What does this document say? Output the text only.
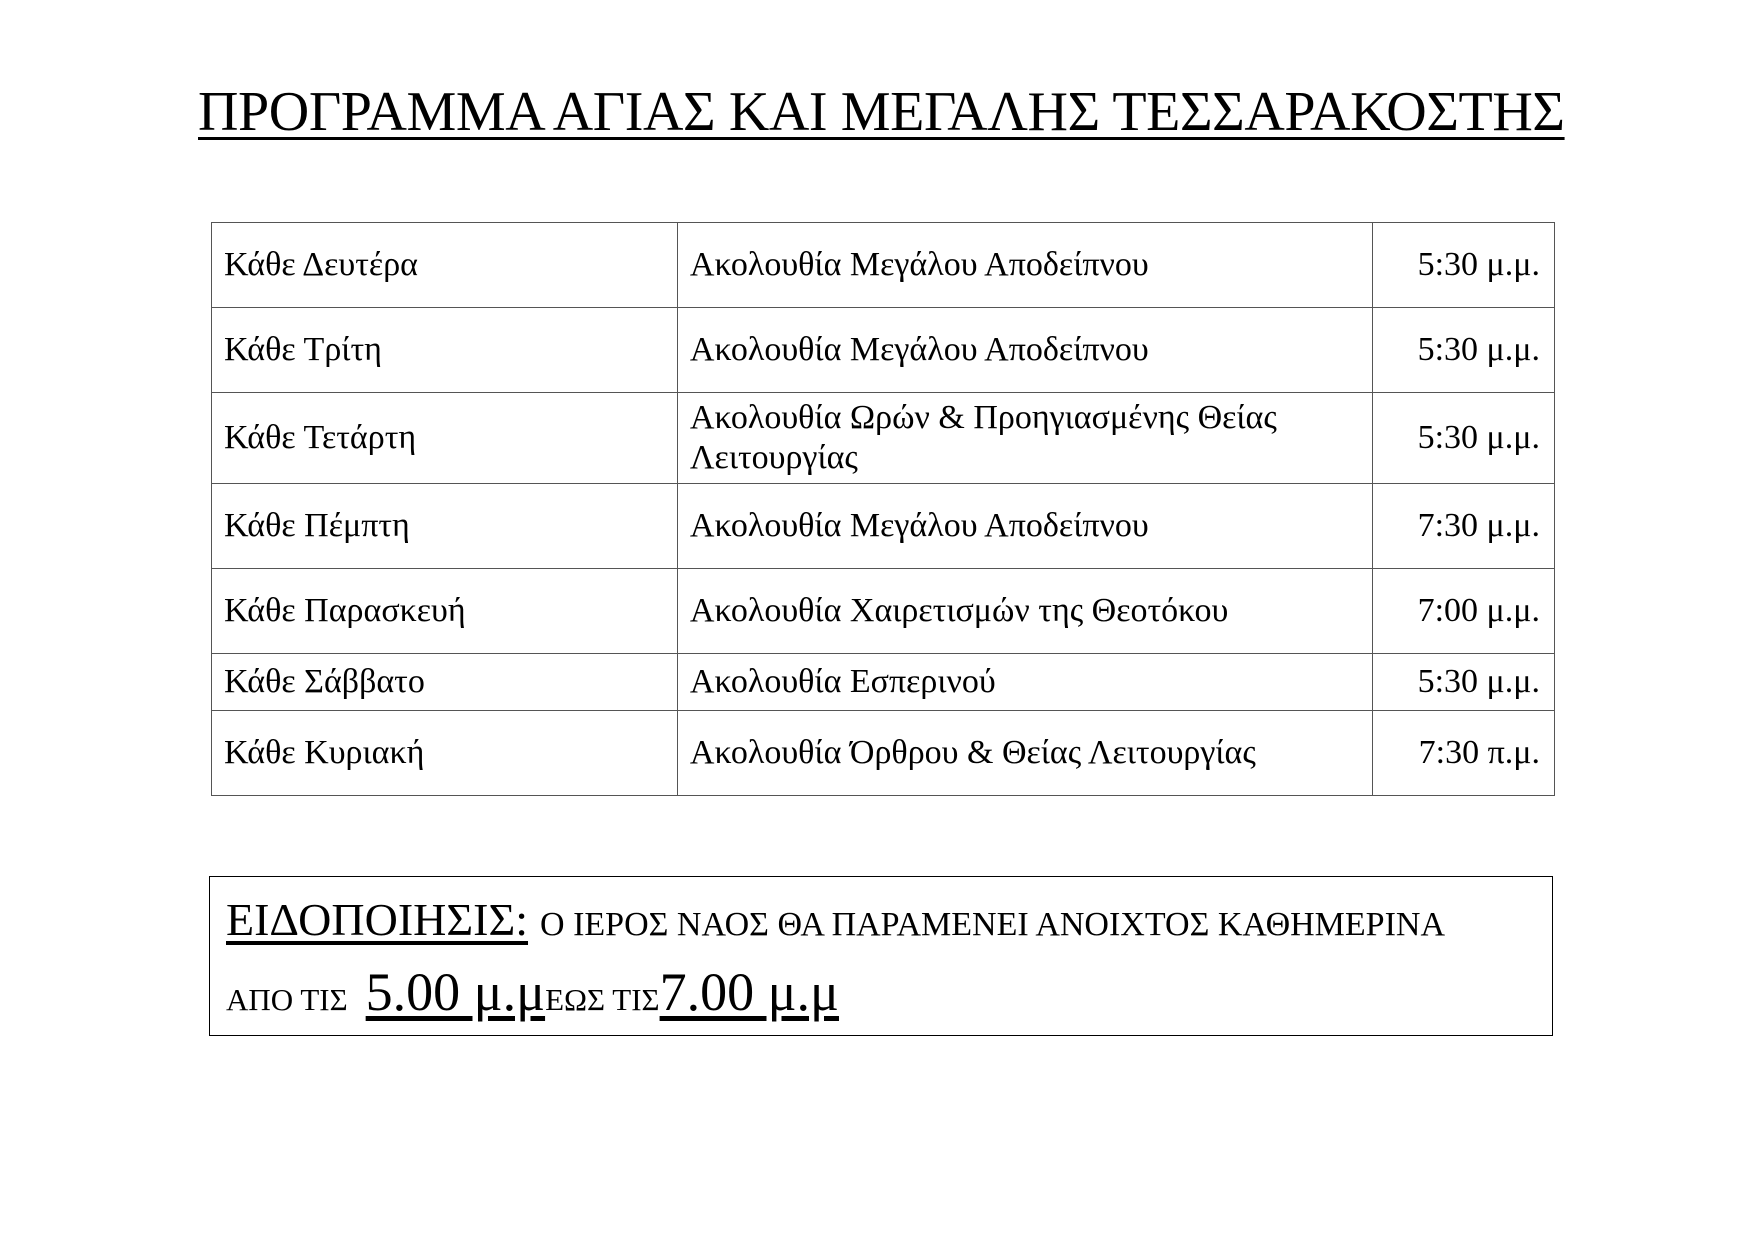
ΠΡΟΓΡΑΜΜΑ ΑΓΙΑΣ ΚΑΙ ΜΕΓΑΛΗΣ ΤΕΣΣΑΡΑΚΟΣΤΗΣ
Κάθε Δευτέρα	Ακολουθία Μεγάλου Αποδείπνου	5:30 μ.μ.
Κάθε Τρίτη	Ακολουθία Μεγάλου Αποδείπνου	5:30 μ.μ.
Κάθε Τετάρτη	Ακολουθία Ωρών & Προηγιασμένης Θείας Λειτουργίας	5:30 μ.μ.
Κάθε Πέμπτη	Ακολουθία Μεγάλου Αποδείπνου	7:30 μ.μ.
Κάθε Παρασκευή	Ακολουθία Χαιρετισμών της Θεοτόκου	7:00 μ.μ.
Κάθε Σάββατο	Ακολουθία Εσπερινού	5:30 μ.μ.
Κάθε Κυριακή	Ακολουθία Όρθρου & Θείας Λειτουργίας	7:30 π.μ.
ΕΙΔΟΠΟΙΗΣΙΣ: Ο ΙΕΡΟΣ ΝΑΟΣ ΘΑ ΠΑΡΑΜΕΝΕΙ ΑΝΟΙΧΤΟΣ ΚΑΘΗΜΕΡΙΝΑ
ΑΠΟ ΤΙΣ 5.00 μ.μΕΩΣ ΤΙΣ7.00 μ.μ
